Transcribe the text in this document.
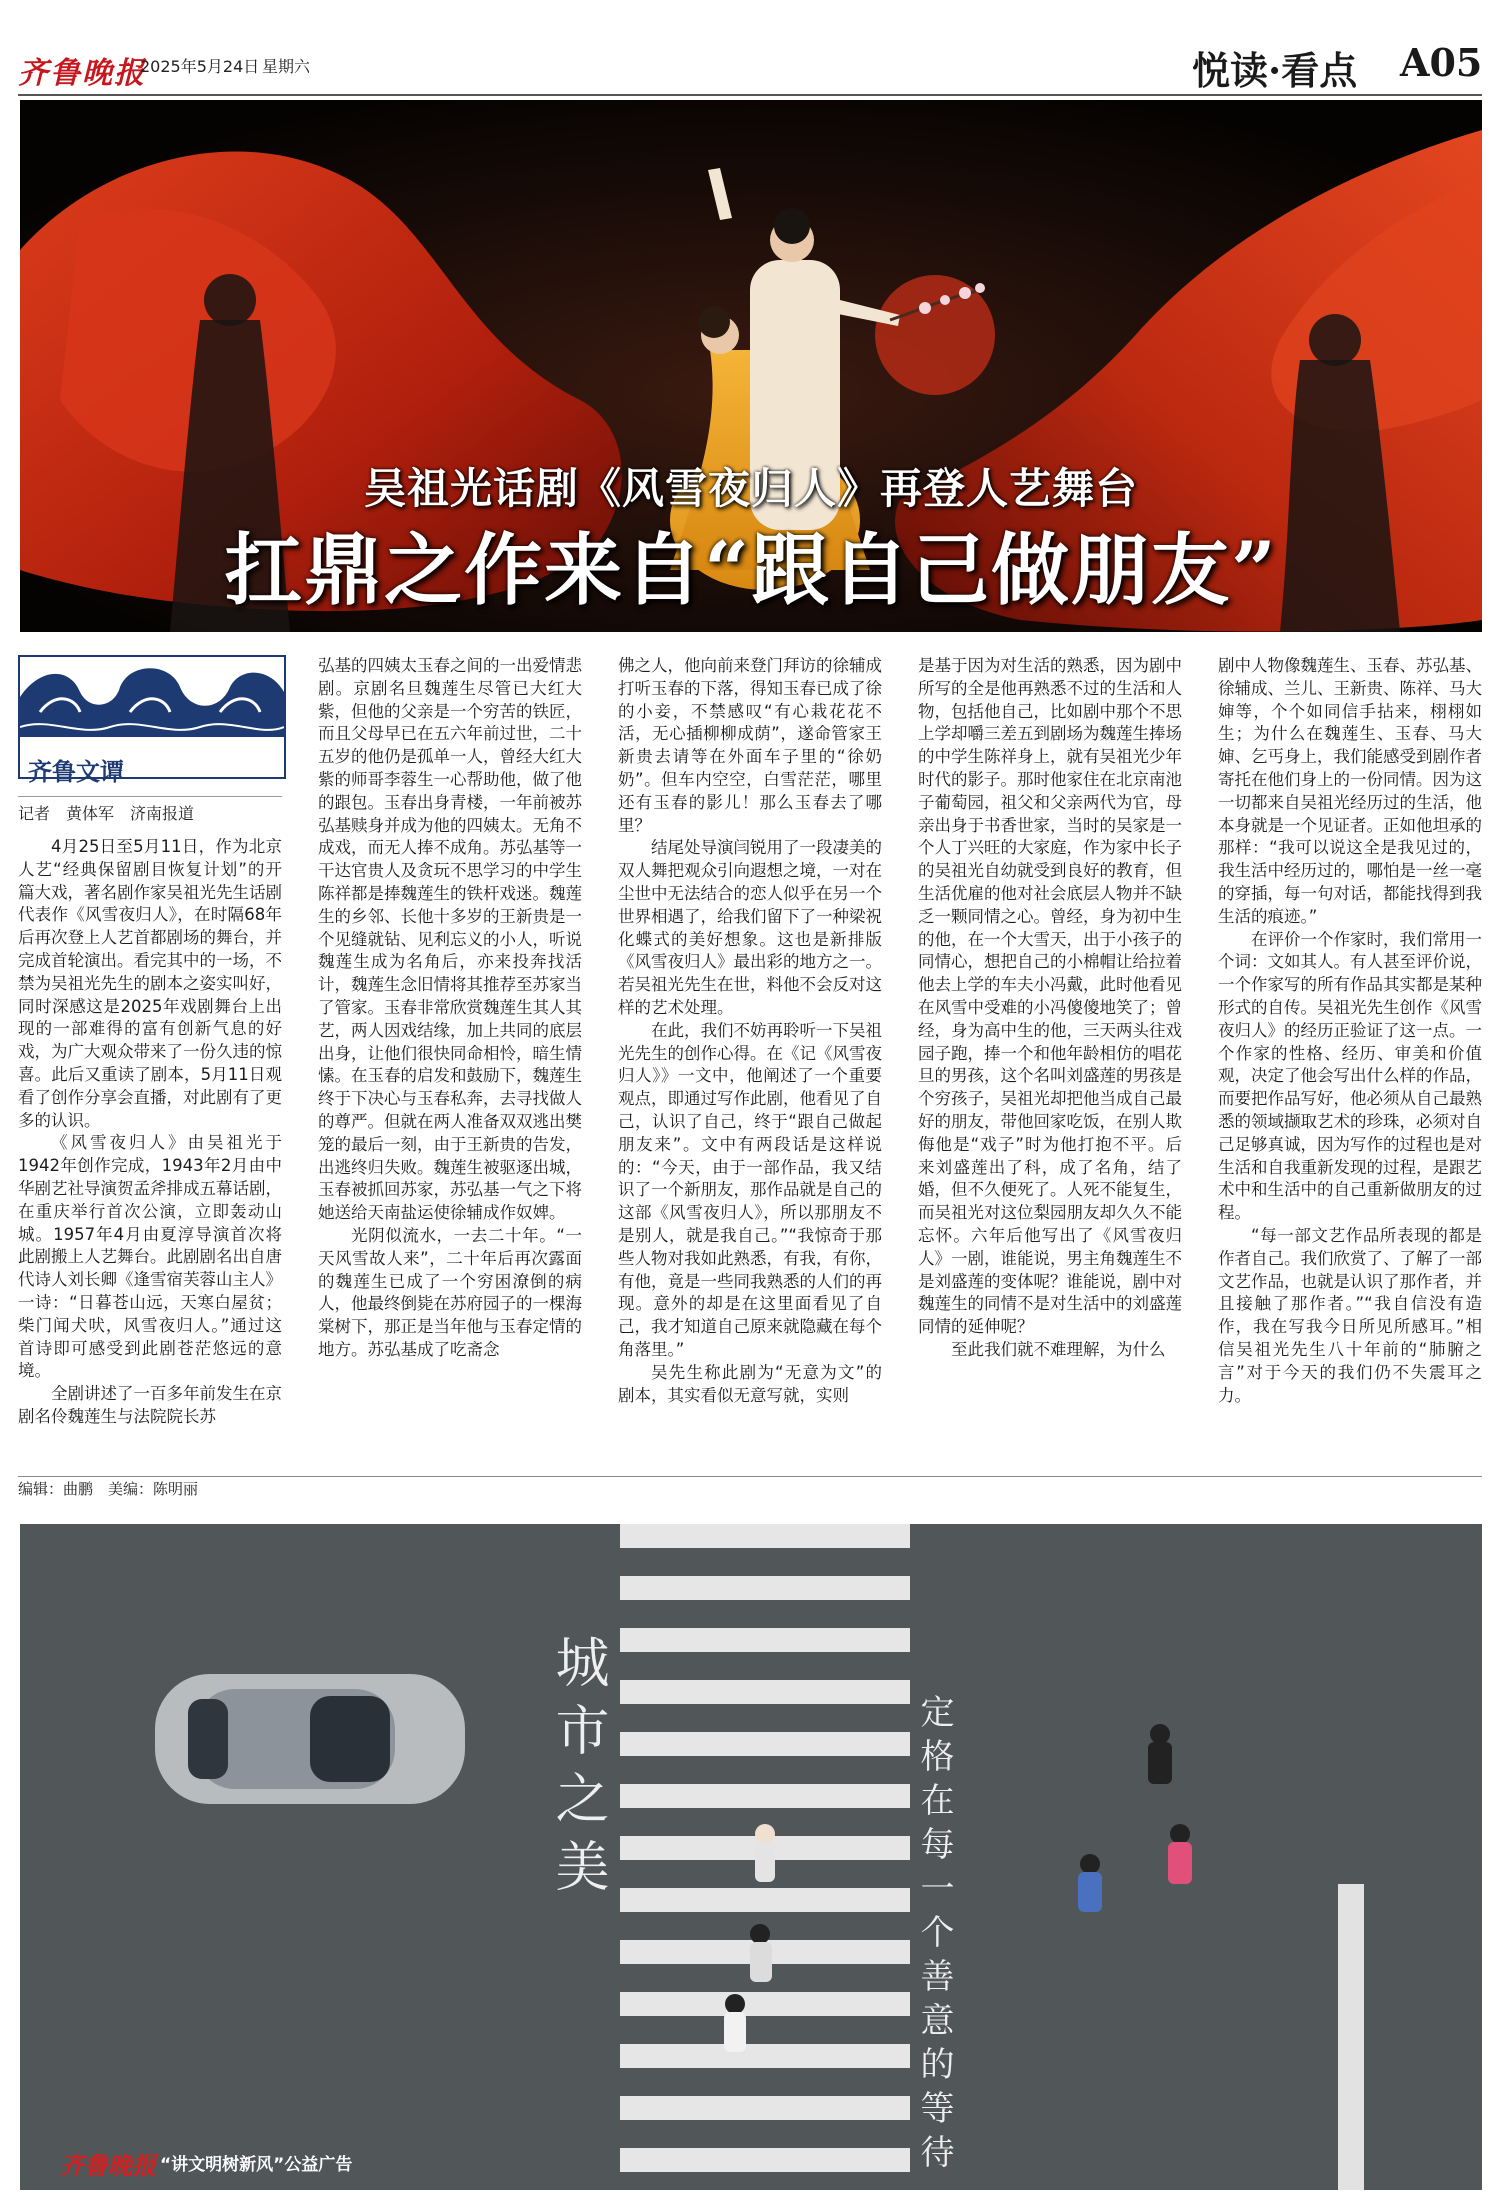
齐鲁晚报
2025年5月24日 星期六	悦读·看点 A05
吴祖光话剧《风雪夜归人》再登人艺舞台
扛鼎之作来自“跟自己做朋友”
齐鲁文谭
记者　黄体军　济南报道

4月25日至5月11日，作为北京人艺“经典保留剧目恢复计划”的开篇大戏，著名剧作家吴祖光先生话剧代表作《风雪夜归人》，在时隔68年后再次登上人艺首都剧场的舞台，并完成首轮演出。看完其中的一场，不禁为吴祖光先生的剧本之姿实叫好，同时深感这是2025年戏剧舞台上出现的一部难得的富有创新气息的好戏，为广大观众带来了一份久违的惊喜。此后又重读了剧本，5月11日观看了创作分享会直播，对此剧有了更多的认识。

《风雪夜归人》由吴祖光于1942年创作完成，1943年2月由中华剧艺社导演贺孟斧排成五幕话剧，在重庆举行首次公演，立即轰动山城。1957年4月由夏淳导演首次将此剧搬上人艺舞台。此剧剧名出自唐代诗人刘长卿《逢雪宿芙蓉山主人》一诗：“日暮苍山远，天寒白屋贫；柴门闻犬吠，风雪夜归人。”通过这首诗即可感受到此剧苍茫悠远的意境。

全剧讲述了一百多年前发生在京剧名伶魏莲生与法院院长苏

弘基的四姨太玉春之间的一出爱情悲剧。京剧名旦魏莲生尽管已大红大紫，但他的父亲是一个穷苦的铁匠，而且父母早已在五六年前过世，二十五岁的他仍是孤单一人，曾经大红大紫的师哥李蓉生一心帮助他，做了他的跟包。玉春出身青楼，一年前被苏弘基赎身并成为他的四姨太。无角不成戏，而无人捧不成角。苏弘基等一干达官贵人及贪玩不思学习的中学生陈祥都是捧魏莲生的铁杆戏迷。魏莲生的乡邻、长他十多岁的王新贵是一个见缝就钻、见利忘义的小人，听说魏莲生成为名角后，亦来投奔找活计，魏莲生念旧情将其推荐至苏家当了管家。玉春非常欣赏魏莲生其人其艺，两人因戏结缘，加上共同的底层出身，让他们很快同命相怜，暗生情愫。在玉春的启发和鼓励下，魏莲生终于下决心与玉春私奔，去寻找做人的尊严。但就在两人准备双双逃出樊笼的最后一刻，由于王新贵的告发，出逃终归失败。魏莲生被驱逐出城，玉春被抓回苏家，苏弘基一气之下将她送给天南盐运使徐辅成作奴婢。

光阴似流水，一去二十年。“一天风雪故人来”，二十年后再次露面的魏莲生已成了一个穷困潦倒的病人，他最终倒毙在苏府园子的一棵海棠树下，那正是当年他与玉春定情的地方。苏弘基成了吃斋念

佛之人，他向前来登门拜访的徐辅成打听玉春的下落，得知玉春已成了徐的小妾，不禁感叹“有心栽花花不活，无心插柳柳成荫”，遂命管家王新贵去请等在外面车子里的“徐奶奶”。但车内空空，白雪茫茫，哪里还有玉春的影儿！那么玉春去了哪里？

结尾处导演闫锐用了一段凄美的双人舞把观众引向遐想之境，一对在尘世中无法结合的恋人似乎在另一个世界相遇了，给我们留下了一种梁祝化蝶式的美好想象。这也是新排版《风雪夜归人》最出彩的地方之一。若吴祖光先生在世，料他不会反对这样的艺术处理。

在此，我们不妨再聆听一下吴祖光先生的创作心得。在《记《风雪夜归人》》一文中，他阐述了一个重要观点，即通过写作此剧，他看见了自己，认识了自己，终于“跟自己做起朋友来”。文中有两段话是这样说的：“今天，由于一部作品，我又结识了一个新朋友，那作品就是自己的这部《风雪夜归人》，所以那朋友不是别人，就是我自己。”“我惊奇于那些人物对我如此熟悉，有我，有你，有他，竟是一些同我熟悉的人们的再现。意外的却是在这里面看见了自己，我才知道自己原来就隐藏在每个角落里。”

吴先生称此剧为“无意为文”的剧本，其实看似无意写就，实则

是基于因为对生活的熟悉，因为剧中所写的全是他再熟悉不过的生活和人物，包括他自己，比如剧中那个不思上学却嚼三差五到剧场为魏莲生捧场的中学生陈祥身上，就有吴祖光少年时代的影子。那时他家住在北京南池子葡萄园，祖父和父亲两代为官，母亲出身于书香世家，当时的吴家是一个人丁兴旺的大家庭，作为家中长子的吴祖光自幼就受到良好的教育，但生活优雇的他对社会底层人物并不缺乏一颗同情之心。曾经，身为初中生的他，在一个大雪天，出于小孩子的同情心，想把自己的小棉帽让给拉着他去上学的车夫小冯戴，此时他看见在风雪中受难的小冯傻傻地笑了；曾经，身为高中生的他，三天两头往戏园子跑，捧一个和他年龄相仿的唱花旦的男孩，这个名叫刘盛莲的男孩是个穷孩子，吴祖光却把他当成自己最好的朋友，带他回家吃饭，在别人欺侮他是“戏子”时为他打抱不平。后来刘盛莲出了科，成了名角，结了婚，但不久便死了。人死不能复生，而吴祖光对这位梨园朋友却久久不能忘怀。六年后他写出了《风雪夜归人》一剧，谁能说，男主角魏莲生不是刘盛莲的变体呢？谁能说，剧中对魏莲生的同情不是对生活中的刘盛莲同情的延伸呢？

至此我们就不难理解，为什么

剧中人物像魏莲生、玉春、苏弘基、徐辅成、兰儿、王新贵、陈祥、马大婶等，个个如同信手拈来，栩栩如生；为什么在魏莲生、玉春、马大婶、乞丐身上，我们能感受到剧作者寄托在他们身上的一份同情。因为这一切都来自吴祖光经历过的生活，他本身就是一个见证者。正如他坦承的那样：“我可以说这全是我见过的，我生活中经历过的，哪怕是一丝一毫的穿插，每一句对话，都能找得到我生活的痕迹。”

在评价一个作家时，我们常用一个词：文如其人。有人甚至评价说，一个作家写的所有作品其实都是某种形式的自传。吴祖光先生创作《风雪夜归人》的经历正验证了这一点。一个作家的性格、经历、审美和价值观，决定了他会写出什么样的作品，而要把作品写好，他必须从自己最熟悉的领域撷取艺术的珍珠，必须对自己足够真诚，因为写作的过程也是对生活和自我重新发现的过程，是跟艺术中和生活中的自己重新做朋友的过程。

“每一部文艺作品所表现的都是作者自己。我们欣赏了、了解了一部文艺作品，也就是认识了那作者，并且接触了那作者。”“我自信没有造作，我在写我今日所见所感耳。”相信吴祖光先生八十年前的“肺腑之言”对于今天的我们仍不失震耳之力。

编辑：曲鹏　美编：陈明丽
城市之美	定格在每一个善意的等待
齐鲁晚报 “讲文明树新风”公益广告
